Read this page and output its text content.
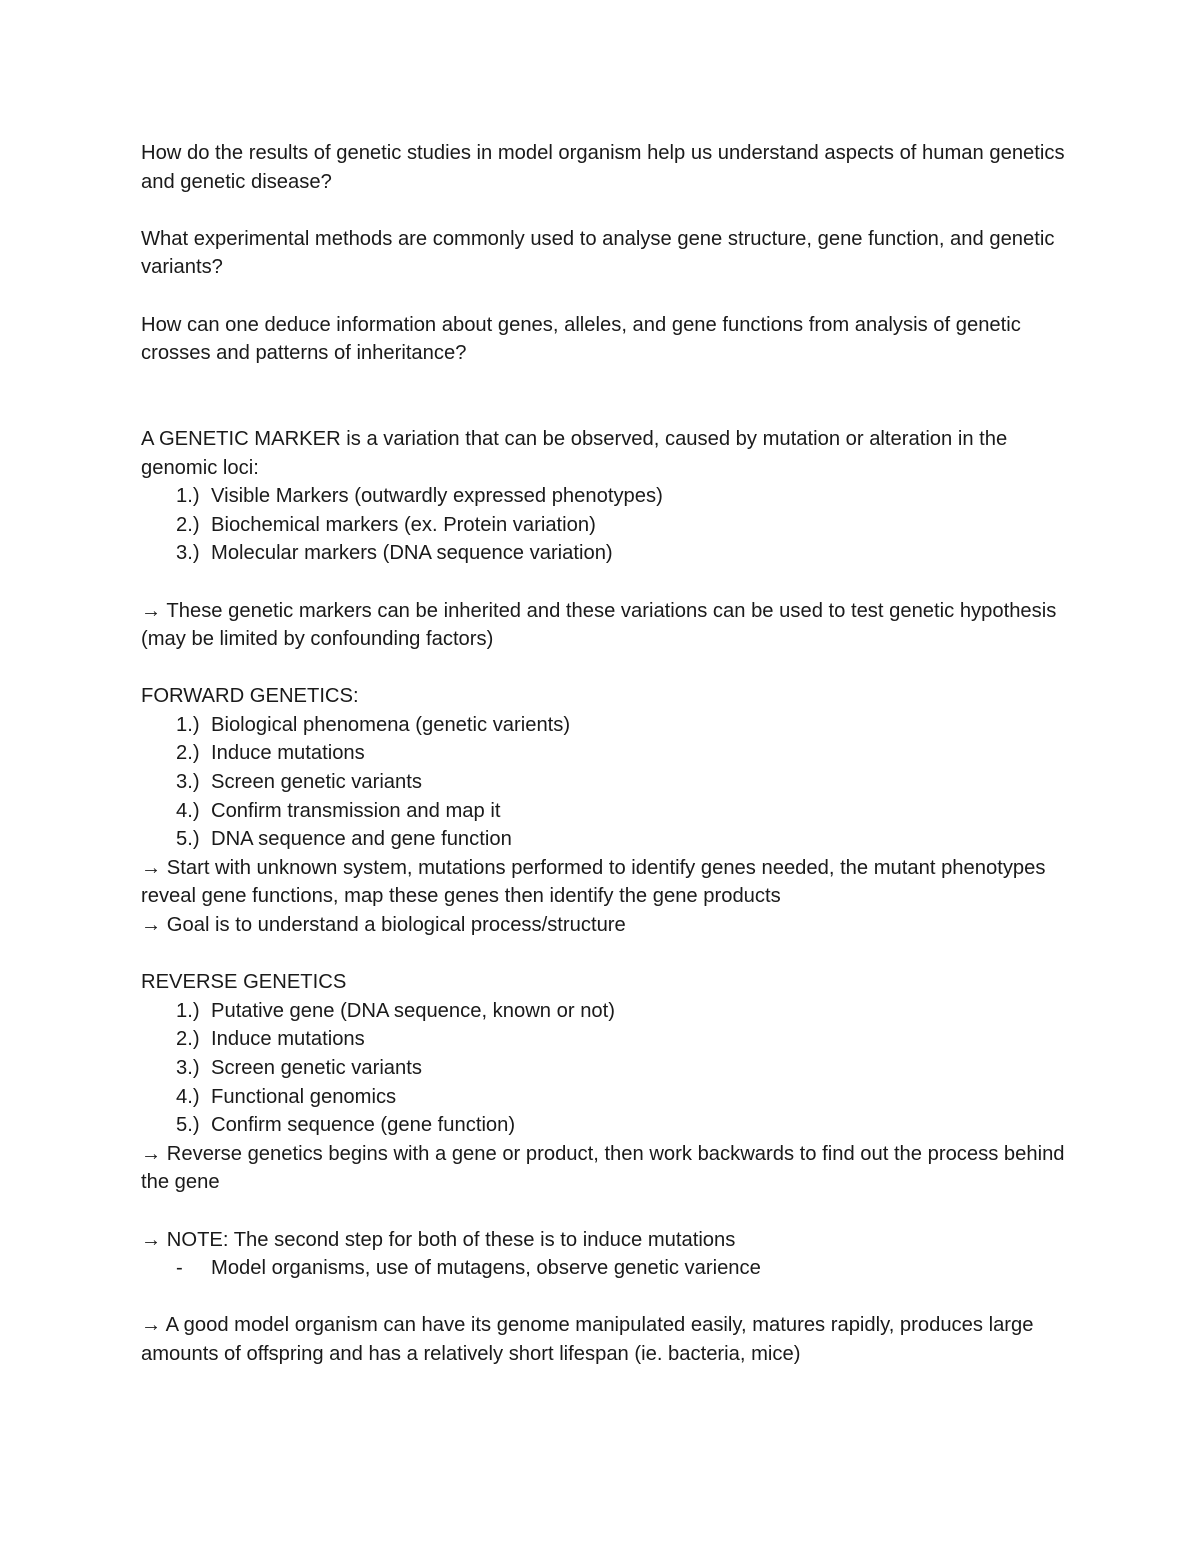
How do the results of genetic studies in model organism help us understand aspects of human genetics and genetic disease?

What experimental methods are commonly used to analyse gene structure, gene function, and genetic variants?

How can one deduce information about genes, alleles, and gene functions from analysis of genetic crosses and patterns of inheritance?

A GENETIC MARKER is a variation that can be observed, caused by mutation or alteration in the genomic loci:

1.) Visible Markers (outwardly expressed phenotypes)
2.) Biochemical markers (ex. Protein variation)
3.) Molecular markers (DNA sequence variation)

→ These genetic markers can be inherited and these variations can be used to test genetic hypothesis (may be limited by confounding factors)

FORWARD GENETICS:

1.) Biological phenomena (genetic varients)
2.) Induce mutations
3.) Screen genetic variants
4.) Confirm transmission and map it
5.) DNA sequence and gene function

→ Start with unknown system, mutations performed to identify genes needed, the mutant phenotypes reveal gene functions, map these genes then identify the gene products

→ Goal is to understand a biological process/structure

REVERSE GENETICS

1.) Putative gene (DNA sequence, known or not)
2.) Induce mutations
3.) Screen genetic variants
4.) Functional genomics
5.) Confirm sequence (gene function)

→ Reverse genetics begins with a gene or product, then work backwards to find out the process behind the gene

→ NOTE: The second step for both of these is to induce mutations

- Model organisms, use of mutagens, observe genetic varience

→ A good model organism can have its genome manipulated easily, matures rapidly, produces large amounts of offspring and has a relatively short lifespan (ie. bacteria, mice)
